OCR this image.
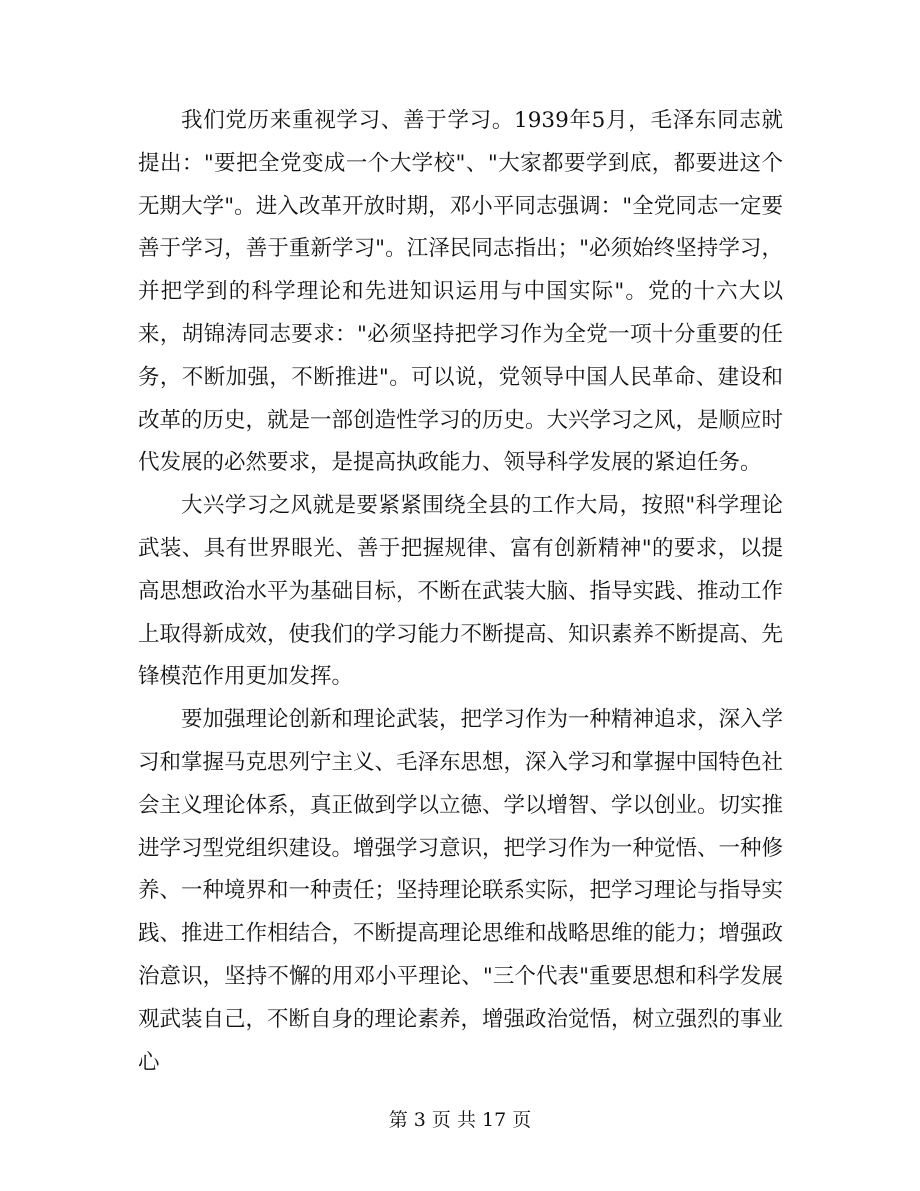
我们党历来重视学习、善于学习。1939年5月，毛泽东同志就提出："要把全党变成一个大学校"、"大家都要学到底，都要进这个无期大学"。进入改革开放时期，邓小平同志强调："全党同志一定要善于学习，善于重新学习"。江泽民同志指出；"必须始终坚持学习，并把学到的科学理论和先进知识运用与中国实际"。党的十六大以来，胡锦涛同志要求："必须坚持把学习作为全党一项十分重要的任务，不断加强，不断推进"。可以说，党领导中国人民革命、建设和改革的历史，就是一部创造性学习的历史。大兴学习之风，是顺应时代发展的必然要求，是提高执政能力、领导科学发展的紧迫任务。

大兴学习之风就是要紧紧围绕全县的工作大局，按照"科学理论武装、具有世界眼光、善于把握规律、富有创新精神"的要求，以提高思想政治水平为基础目标，不断在武装大脑、指导实践、推动工作上取得新成效，使我们的学习能力不断提高、知识素养不断提高、先锋模范作用更加发挥。

要加强理论创新和理论武装，把学习作为一种精神追求，深入学习和掌握马克思列宁主义、毛泽东思想，深入学习和掌握中国特色社会主义理论体系，真正做到学以立德、学以增智、学以创业。切实推进学习型党组织建设。增强学习意识，把学习作为一种觉悟、一种修养、一种境界和一种责任；坚持理论联系实际，把学习理论与指导实践、推进工作相结合，不断提高理论思维和战略思维的能力；增强政治意识，坚持不懈的用邓小平理论、"三个代表"重要思想和科学发展观武装自己，不断自身的理论素养，增强政治觉悟，树立强烈的事业心

第 3 页 共 17 页
